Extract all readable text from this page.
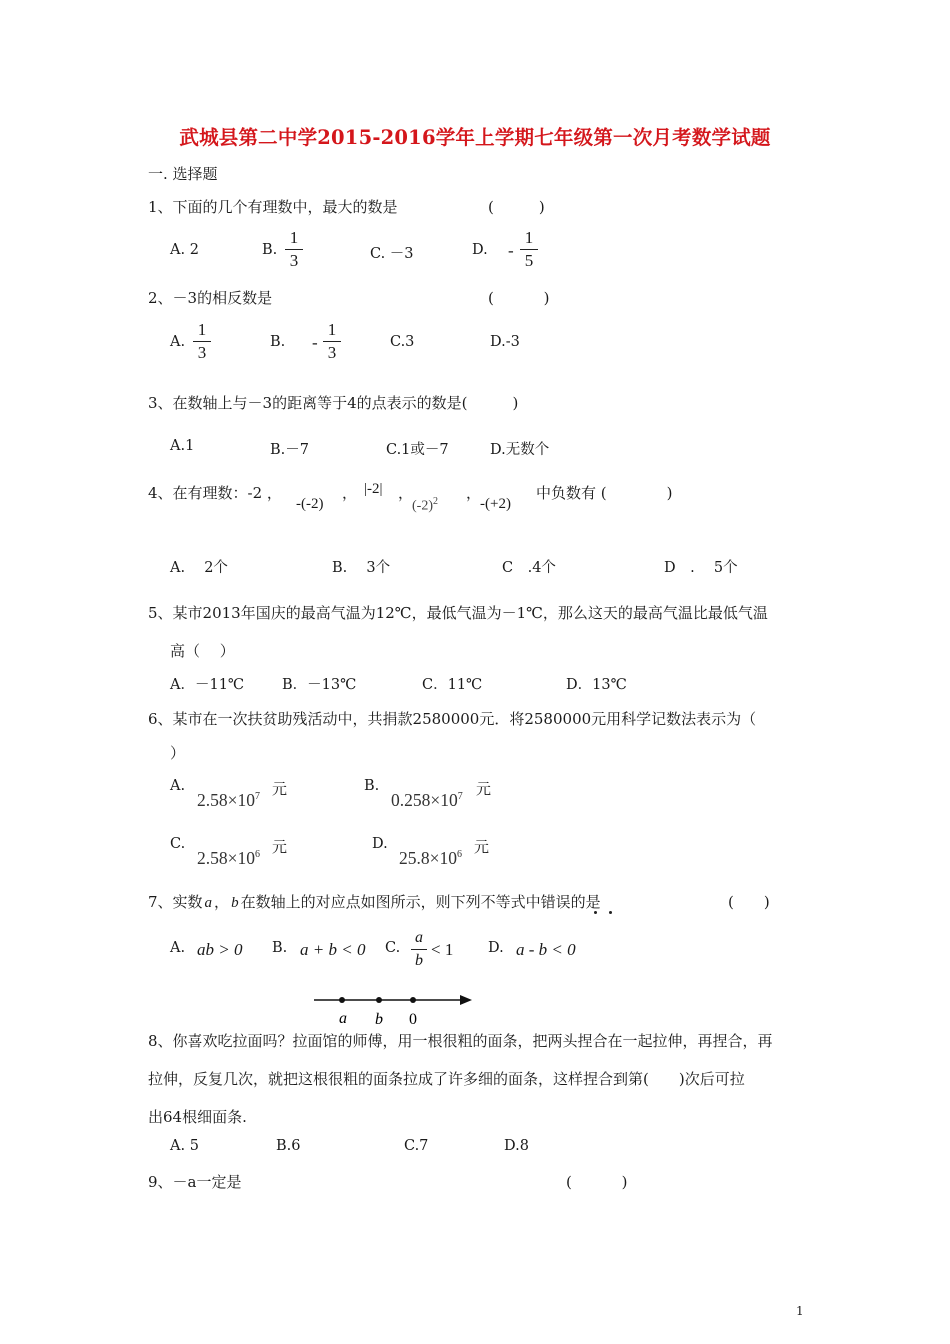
武城县第二中学2015-2016学年上学期七年级第一次月考数学试题
一. 选择题
1、下面的几个有理数中，最大的数是	(　　　)
A. 2	B.
1
3	C. －3	D. -
1
5
2、－3的相反数是	(　　　 )
A.
1
3
B. -
1
3
C.3	D.-3
3、在数轴上与－3的距离等于4的点表示的数是(　　　)
A.1	B.－7	C.1或－7	D.无数个
4、在有理数：-2 ，
-(-2)
， |-2| ，
$(-2)^2$ ，
-(+2)
中负数有 (　　　　)
A.　 2个	B.　 3个	C　.4个	D　.　 5个
5、某市2013年国庆的最高气温为12℃，最低气温为－1℃，那么这天的最高气温比最低气温
高（　 ）
A．－11℃	B．－13℃	C．11℃	D．13℃
6、某市在一次扶贫助残活动中，共捐款2580000元．将2580000元用科学记数法表示为（
）
A.
$2.58\times 10^7$ 元	B.
$0.258\times 10^7$ 元
C.
$2.58\times 10^6$ 元	D.
$25.8\times 10^6$ 元
7、实数 a ， b 在数轴上的对应点如图所示，则下列不等式中错误的是	(　　)
A. ab > 0 B. a + b < 0 C.
a
b
< 1 D. a - b < 0
a b 0
8、你喜欢吃拉面吗？拉面馆的师傅，用一根很粗的面条，把两头捏合在一起拉伸，再捏合，再
拉伸，反复几次，就把这根很粗的面条拉成了许多细的面条，这样捏合到第(　　)次后可拉
出64根细面条.
A. 5	B.6	C.7	D.8
9、－a一定是	(　　　 )
1
